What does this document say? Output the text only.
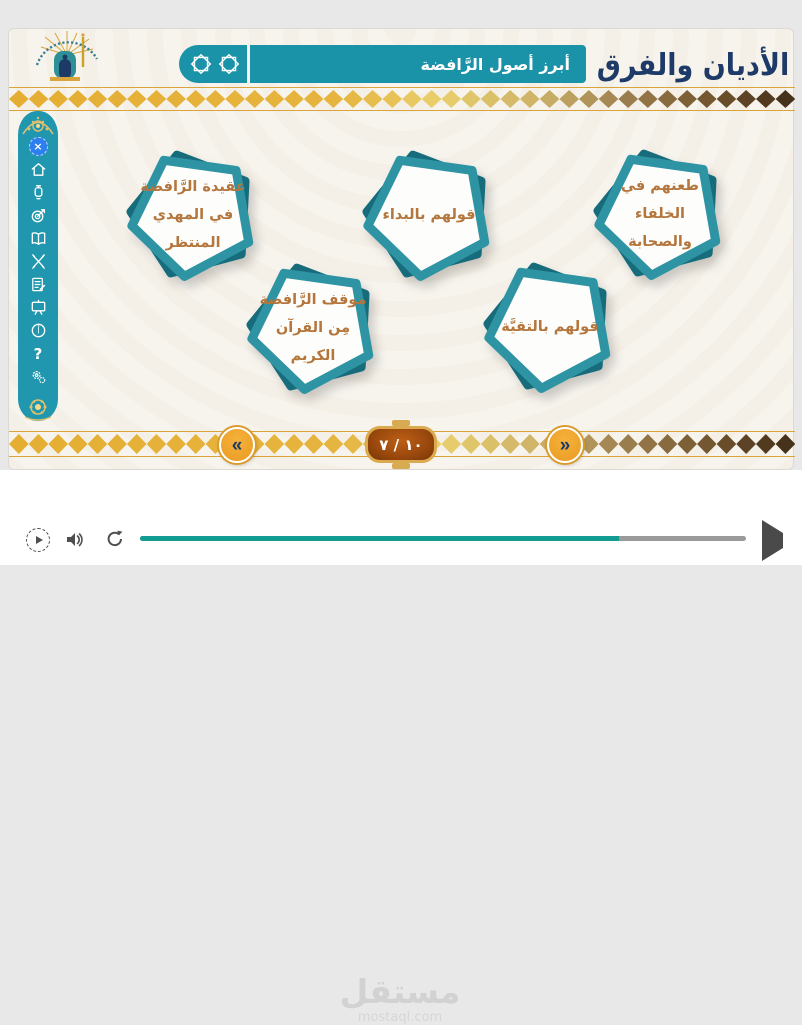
أبرز أصول الرَّافضة الأديان والفرق
×
أ
?
عقيدة الرَّافضة في المهدي المنتظر
قولهم بالبداء
طعنهم في الخلفاء والصحابة
موقف الرَّافضة مِن القرآن الكريم
قولهم بالتقيَّة
«	١٠ / ٧	»
مستقل
mostaql.com
